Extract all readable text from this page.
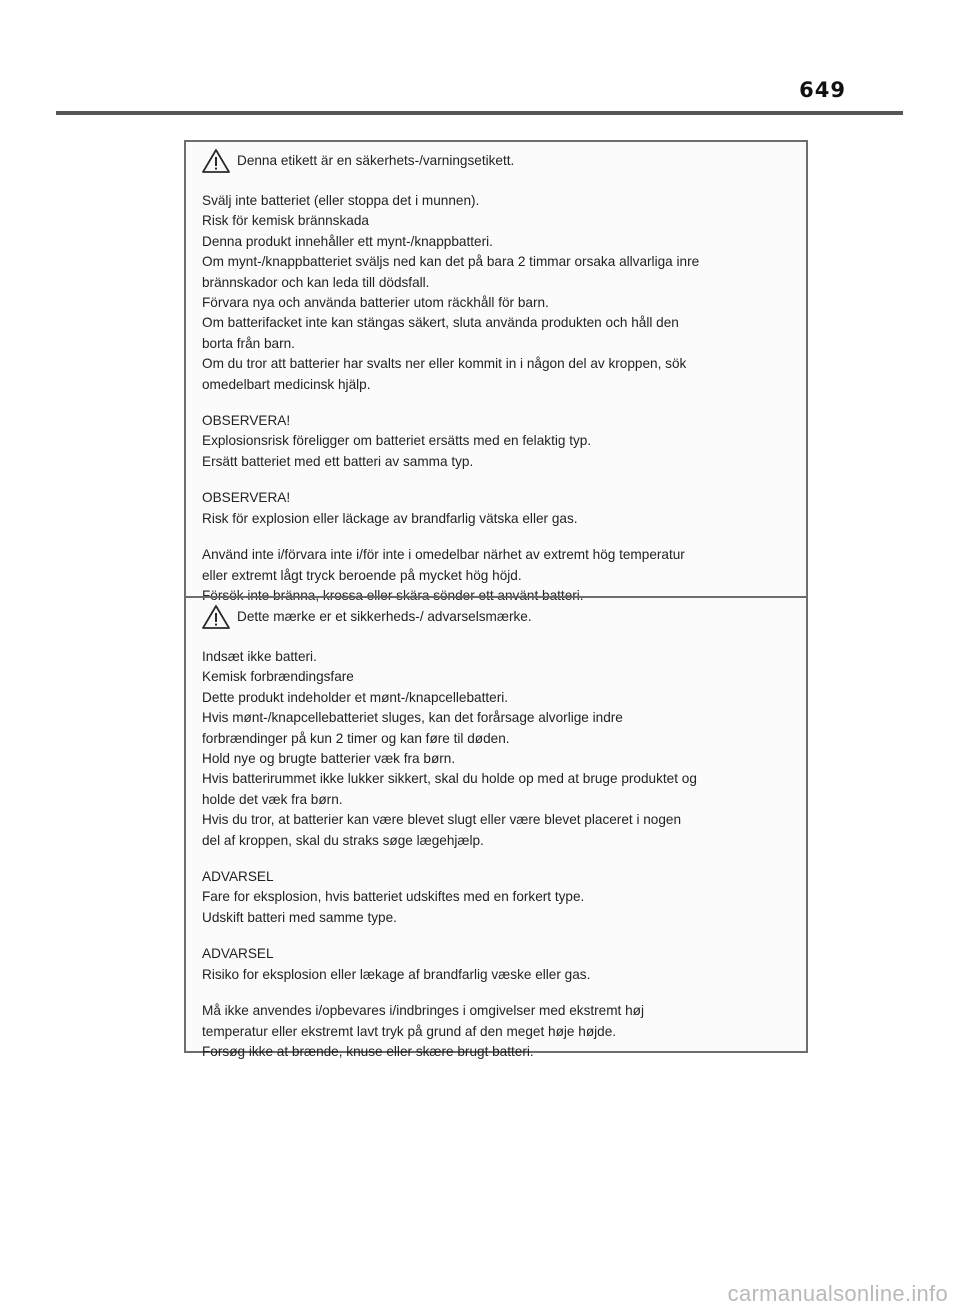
649
Denna etikett är en säkerhets-/varningsetikett.

Svälj inte batteriet (eller stoppa det i munnen).
Risk för kemisk brännskada
Denna produkt innehåller ett mynt-/knappbatteri.
Om mynt-/knappbatteriet sväljs ned kan det på bara 2 timmar orsaka allvarliga inre
brännskador och kan leda till dödsfall.
Förvara nya och använda batterier utom räckhåll för barn.
Om batterifacket inte kan stängas säkert, sluta använda produkten och håll den
borta från barn.
Om du tror att batterier har svalts ner eller kommit in i någon del av kroppen, sök
omedelbart medicinsk hjälp.

OBSERVERA!
Explosionsrisk föreligger om batteriet ersätts med en felaktig typ.
Ersätt batteriet med ett batteri av samma typ.

OBSERVERA!
Risk för explosion eller läckage av brandfarlig vätska eller gas.

Använd inte i/förvara inte i/för inte i omedelbar närhet av extremt hög temperatur
eller extremt lågt tryck beroende på mycket hög höjd.
Försök inte bränna, krossa eller skära sönder ett använt batteri.

Dette mærke er et sikkerheds-/ advarselsmærke.

Indsæt ikke batteri.
Kemisk forbrændingsfare
Dette produkt indeholder et mønt-/knapcellebatteri.
Hvis mønt-/knapcellebatteriet sluges, kan det forårsage alvorlige indre
forbrændinger på kun 2 timer og kan føre til døden.
Hold nye og brugte batterier væk fra børn.
Hvis batterirummet ikke lukker sikkert, skal du holde op med at bruge produktet og
holde det væk fra børn.
Hvis du tror, at batterier kan være blevet slugt eller være blevet placeret i nogen
del af kroppen, skal du straks søge lægehjælp.

ADVARSEL
Fare for eksplosion, hvis batteriet udskiftes med en forkert type.
Udskift batteri med samme type.

ADVARSEL
Risiko for eksplosion eller lækage af brandfarlig væske eller gas.

Må ikke anvendes i/opbevares i/indbringes i omgivelser med ekstremt høj
temperatur eller ekstremt lavt tryk på grund af den meget høje højde.
Forsøg ikke at brænde, knuse eller skære brugt batteri.

carmanualsonline.info
